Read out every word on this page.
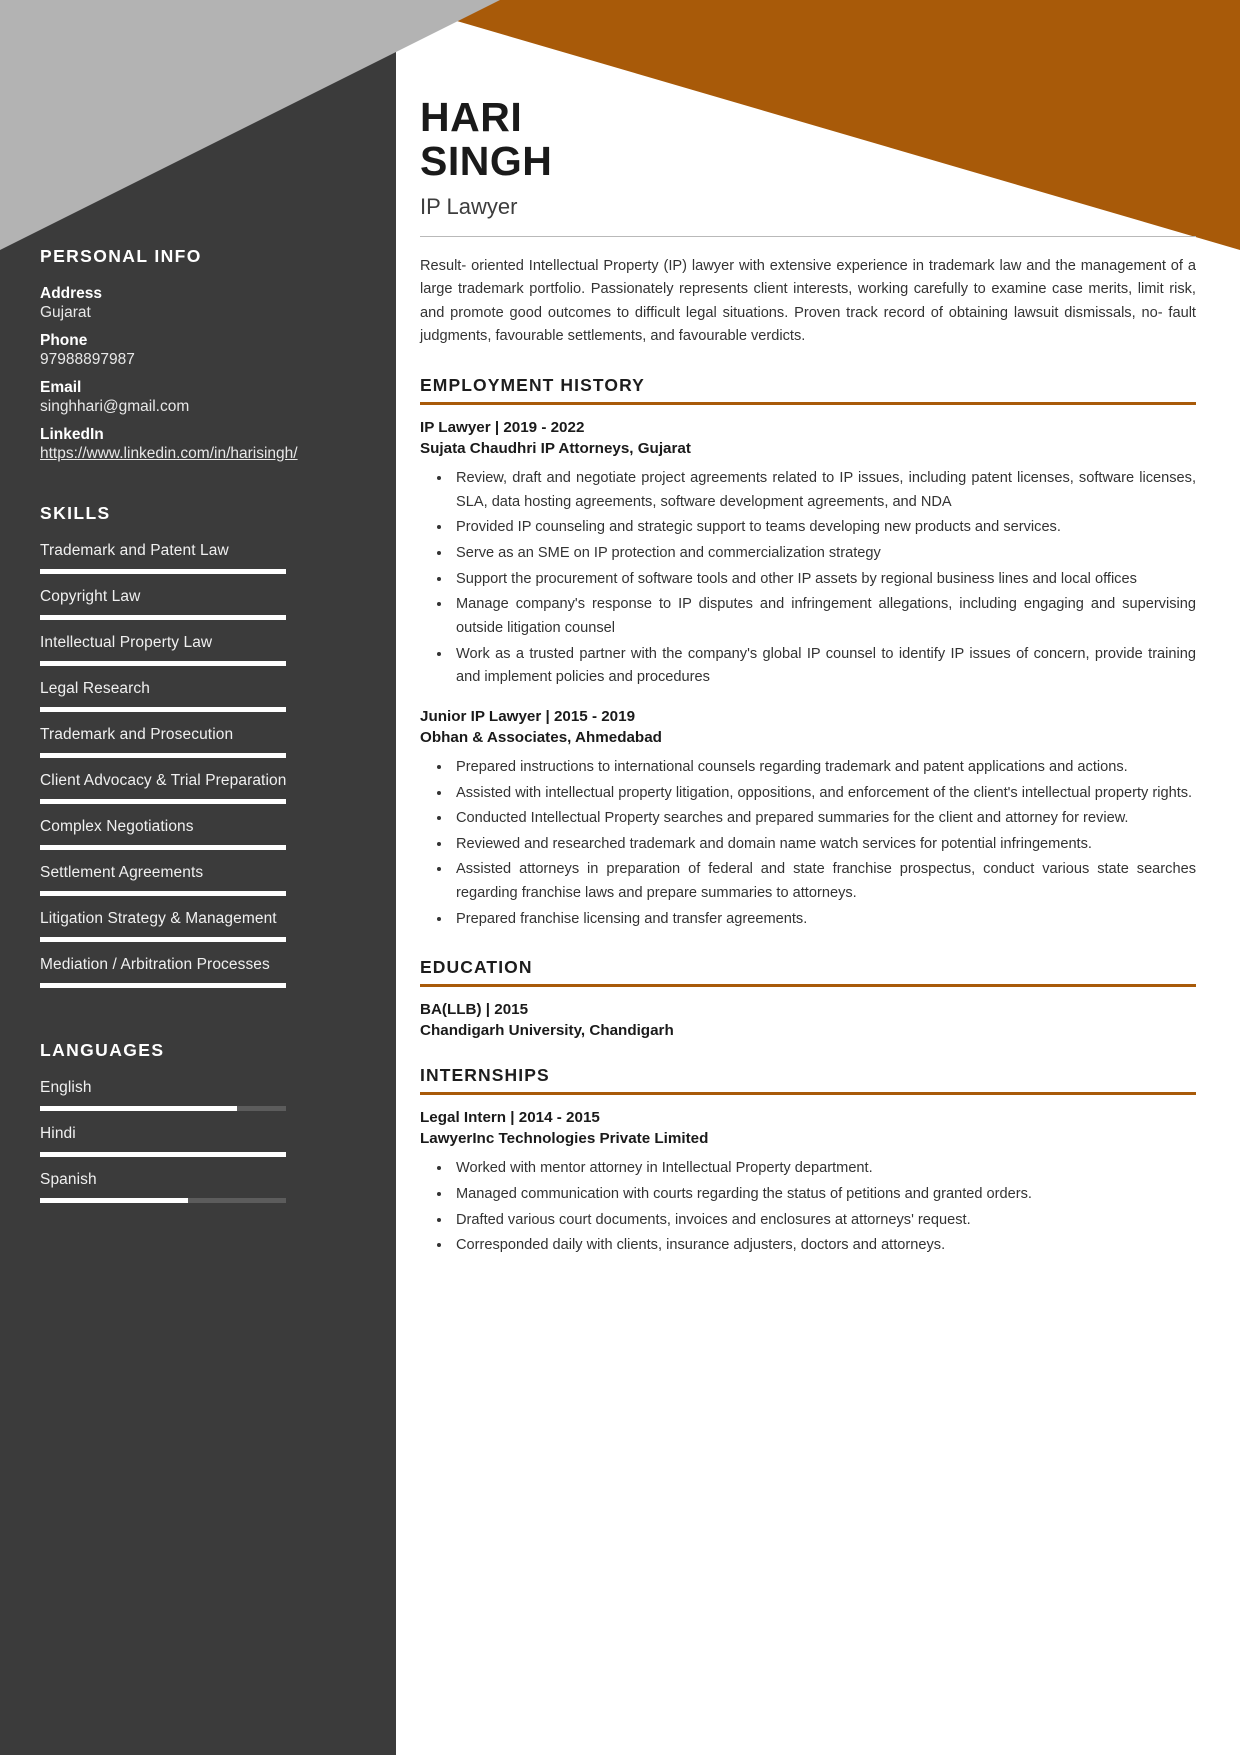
PERSONAL INFO
Address
Gujarat
Phone
97988897987
Email
singhhari@gmail.com
LinkedIn
https://www.linkedin.com/in/harisingh/
SKILLS
Trademark and Patent Law
Copyright Law
Intellectual Property Law
Legal Research
Trademark and Prosecution
Client Advocacy & Trial Preparation
Complex Negotiations
Settlement Agreements
Litigation Strategy & Management
Mediation / Arbitration Processes
LANGUAGES
English
Hindi
Spanish
HARI
SINGH
IP Lawyer
Result- oriented Intellectual Property (IP) lawyer with extensive experience in trademark law and the management of a large trademark portfolio. Passionately represents client interests, working carefully to examine case merits, limit risk, and promote good outcomes to difficult legal situations. Proven track record of obtaining lawsuit dismissals, no- fault judgments, favourable settlements, and favourable verdicts.
EMPLOYMENT HISTORY
IP Lawyer | 2019 - 2022
Sujata Chaudhri IP Attorneys, Gujarat
• Review, draft and negotiate project agreements related to IP issues, including patent licenses, software licenses, SLA, data hosting agreements, software development agreements, and NDA
• Provided IP counseling and strategic support to teams developing new products and services.
• Serve as an SME on IP protection and commercialization strategy
• Support the procurement of software tools and other IP assets by regional business lines and local offices
• Manage company's response to IP disputes and infringement allegations, including engaging and supervising outside litigation counsel
• Work as a trusted partner with the company's global IP counsel to identify IP issues of concern, provide training and implement policies and procedures
Junior IP Lawyer | 2015 - 2019
Obhan & Associates, Ahmedabad
• Prepared instructions to international counsels regarding trademark and patent applications and actions.
• Assisted with intellectual property litigation, oppositions, and enforcement of the client's intellectual property rights.
• Conducted Intellectual Property searches and prepared summaries for the client and attorney for review.
• Reviewed and researched trademark and domain name watch services for potential infringements.
• Assisted attorneys in preparation of federal and state franchise prospectus, conduct various state searches regarding franchise laws and prepare summaries to attorneys.
• Prepared franchise licensing and transfer agreements.
EDUCATION
BA(LLB) | 2015
Chandigarh University, Chandigarh
INTERNSHIPS
Legal Intern | 2014 - 2015
LawyerInc Technologies Private Limited
• Worked with mentor attorney in Intellectual Property department.
• Managed communication with courts regarding the status of petitions and granted orders.
• Drafted various court documents, invoices and enclosures at attorneys' request.
• Corresponded daily with clients, insurance adjusters, doctors and attorneys.
